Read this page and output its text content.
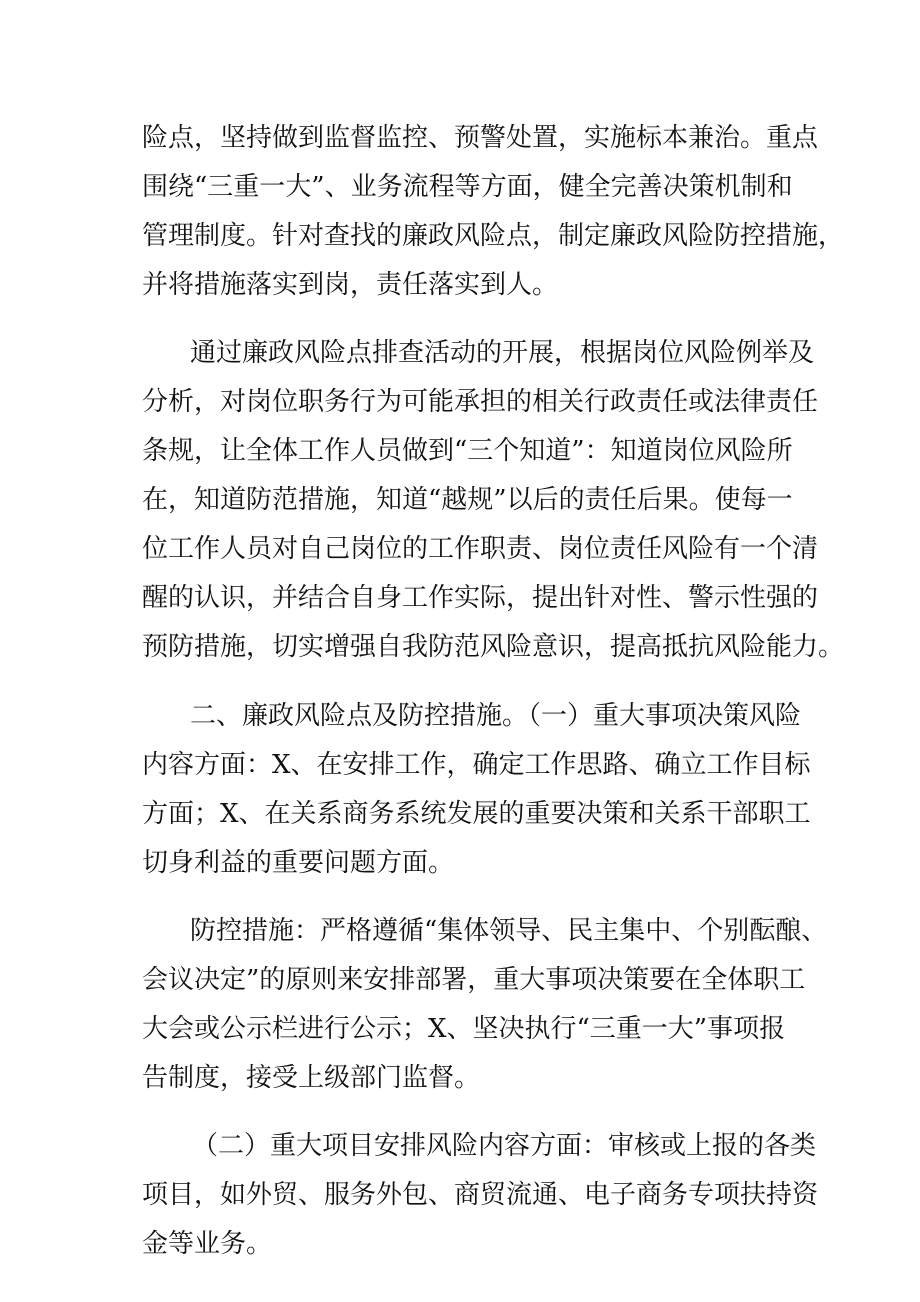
险点，坚持做到监督监控、预警处置，实施标本兼治。重点
围绕“三重一大”、业务流程等方面，健全完善决策机制和
管理制度。针对查找的廉政风险点，制定廉政风险防控措施，
并将措施落实到岗，责任落实到人。
通过廉政风险点排查活动的开展，根据岗位风险例举及
分析，对岗位职务行为可能承担的相关行政责任或法律责任
条规，让全体工作人员做到“三个知道”：知道岗位风险所
在，知道防范措施，知道“越规”以后的责任后果。使每一
位工作人员对自己岗位的工作职责、岗位责任风险有一个清
醒的认识，并结合自身工作实际，提出针对性、警示性强的
预防措施，切实增强自我防范风险意识，提高抵抗风险能力。
二、廉政风险点及防控措施。（一）重大事项决策风险
内容方面：X、在安排工作，确定工作思路、确立工作目标
方面；X、在关系商务系统发展的重要决策和关系干部职工
切身利益的重要问题方面。
防控措施：严格遵循“集体领导、民主集中、个别酝酿、
会议决定”的原则来安排部署，重大事项决策要在全体职工
大会或公示栏进行公示；X、坚决执行“三重一大”事项报
告制度，接受上级部门监督。
（二）重大项目安排风险内容方面：审核或上报的各类
项目，如外贸、服务外包、商贸流通、电子商务专项扶持资
金等业务。
